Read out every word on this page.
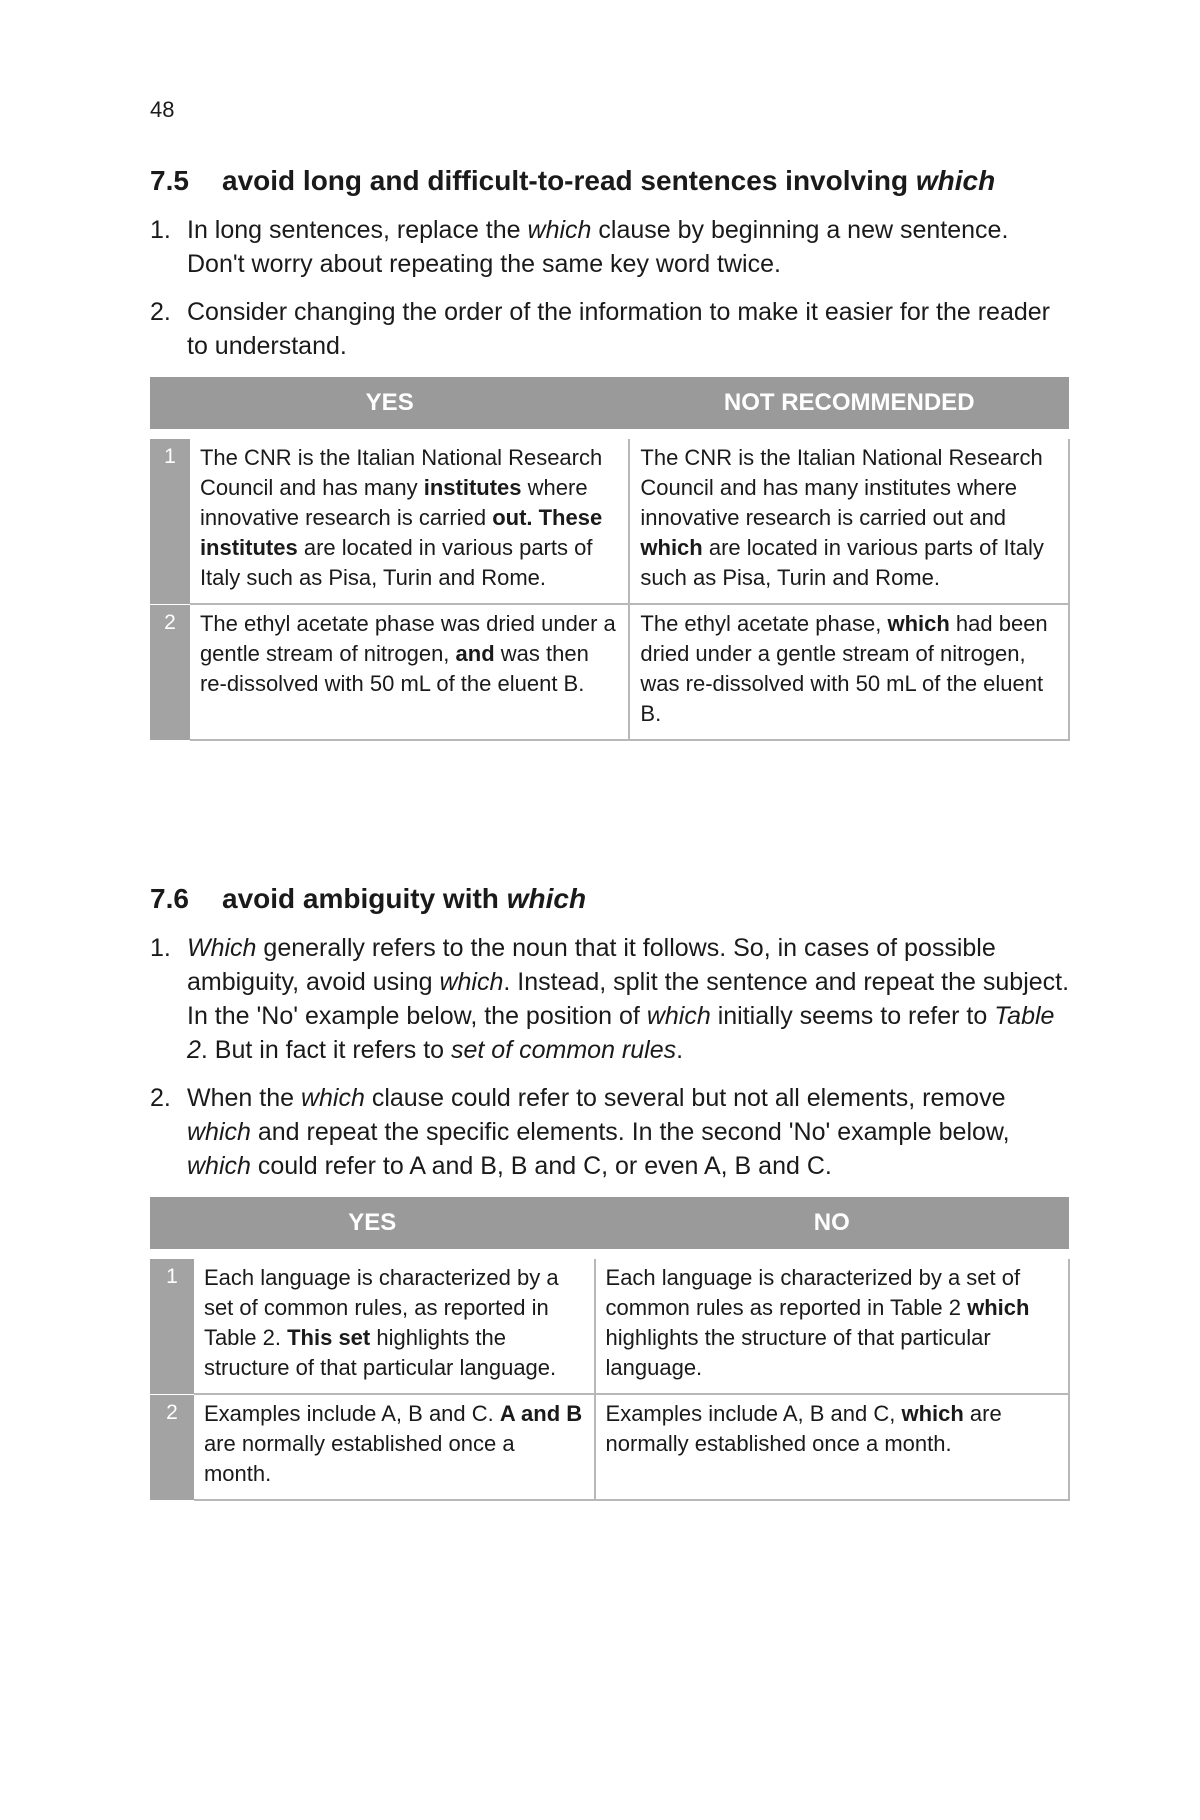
48
7.5	avoid long and difficult-to-read sentences involving which
1. In long sentences, replace the which clause by beginning a new sentence. Don't worry about repeating the same key word twice.
2. Consider changing the order of the information to make it easier for the reader to understand.
YES		NOT RECOMMENDED

1	The CNR is the Italian National Research Council and has many institutes where innovative research is carried out. These institutes are located in various parts of Italy such as Pisa, Turin and Rome.	The CNR is the Italian National Research Council and has many institutes where innovative research is carried out and which are located in various parts of Italy such as Pisa, Turin and Rome.
2	The ethyl acetate phase was dried under a gentle stream of nitrogen, and was then re-dissolved with 50 mL of the eluent B.	The ethyl acetate phase, which had been dried under a gentle stream of nitrogen, was re-dissolved with 50 mL of the eluent B.
7.6	avoid ambiguity with which
1. Which generally refers to the noun that it follows. So, in cases of possible ambiguity, avoid using which. Instead, split the sentence and repeat the subject. In the 'No' example below, the position of which initially seems to refer to Table 2. But in fact it refers to set of common rules.
2. When the which clause could refer to several but not all elements, remove which and repeat the specific elements. In the second 'No' example below, which could refer to A and B, B and C, or even A, B and C.
YES		NO

1	Each language is characterized by a set of common rules, as reported in Table 2. This set highlights the structure of that particular language.	Each language is characterized by a set of common rules as reported in Table 2 which highlights the structure of that particular language.
2	Examples include A, B and C. A and B are normally established once a month.	Examples include A, B and C, which are normally established once a month.
